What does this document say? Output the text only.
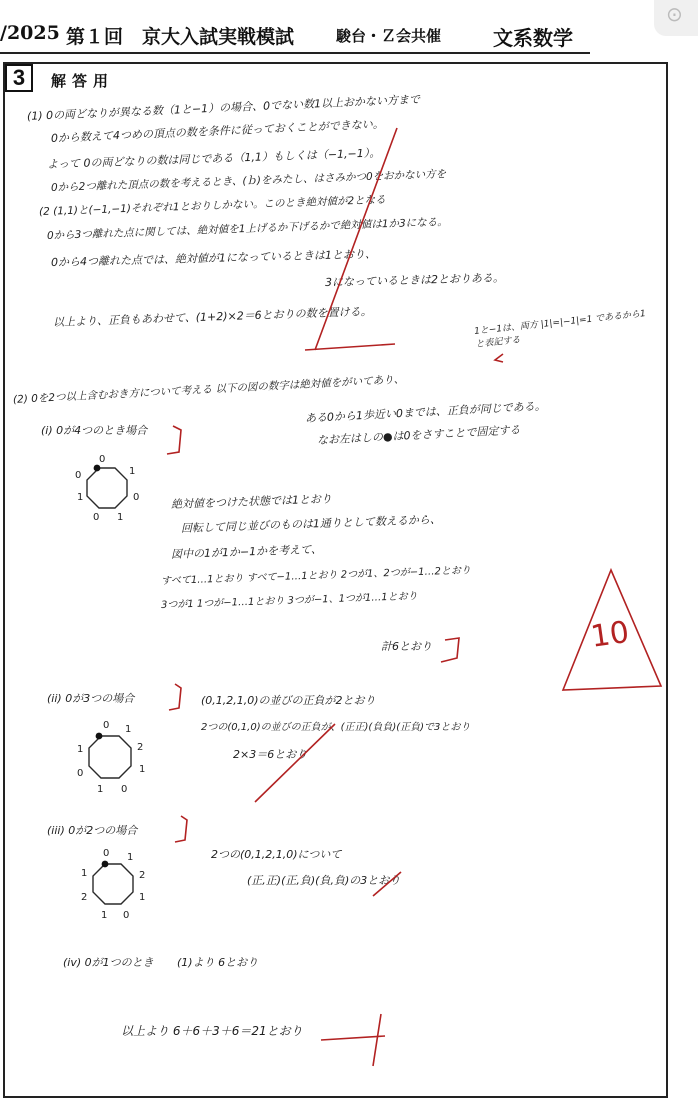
/2025 第１回 京大入試実戦模試	駿台・Ｚ会共催	文系数学
⊙
3	解答用
(1) 0の両どなりが異なる数（1と−1）の場合、0でない数1以上おかない方まで
0から数えて4つめの頂点の数を条件に従っておくことができない。
よって 0の両どなりの数は同じである（1,1）もしくは（−1,−1）。
0から2つ離れた頂点の数を考えるとき、(ｂ)をみたし、はさみかつ0をおかない方を
(2 (1,1)と(−1,−1)それぞれ1とおりしかない。このとき絶対値が2となる
0から3つ離れた点に関しては、絶対値を1上げるか下げるかで絶対値は1か3になる。
0から4つ離れた点では、絶対値が1になっているときは1とおり、
3になっているときは2とおりある。
以上より、正負もあわせて、(1+2)×2＝6とおりの数を置ける。	1と−1は、両方 |1|=|−1|=1 であるから1と表記する
(2) 0を2つ以上含むおき方について考える 以下の図の数字は絶対値をがいてあり、
ある0から1歩近い0までは、正負が同じである。
なお左はしの●は0をさすことで固定する
(i) 0が4つのとき場合
絶対値をつけた状態では1とおり
回転して同じ並びのものは1通りとして数えるから、
図中の1が1か−1かを考えて、
すべて1…1とおり すべて−1…1とおり 2つが1、2つが−1…2とおり
3つが1 1つが−1…1とおり 3つが−1、1つが1…1とおり
計6とおり	10
(ii) 0が3つの場合	(0,1,2,1,0)の並びの正負が2とおり
2つの(0,1,0)の並びの正負が、(正正)(負負)(正負)で3とおり
2×3＝6とおり
(iii) 0が2つの場合
2つの(0,1,2,1,0)について
(正,正)(正,負)(負,負)の3とおり
(iv) 0が1つのとき (1)より 6とおり
以上より 6＋6＋3＋6＝21とおり
0
1
0
1
0
1
0
0 1
2
1
0
1
0
1
0 1
2
1
0
1
2
1
